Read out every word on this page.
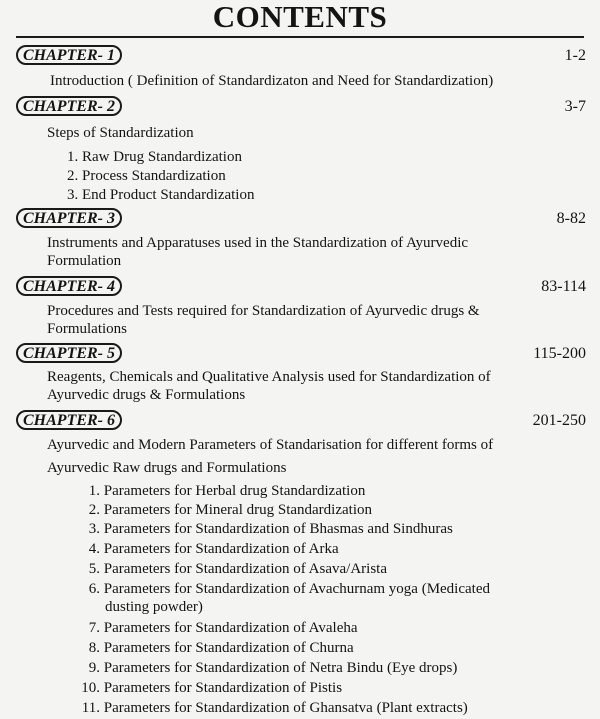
CONTENTS
CHAPTER- 1	1-2
Introduction ( Definition of Standardizaton and Need for Standardization)
CHAPTER- 2	3-7
Steps of Standardization
1. Raw Drug Standardization
2. Process Standardization
3. End Product Standardization
CHAPTER- 3	8-82
Instruments and Apparatuses used in the Standardization of Ayurvedic
Formulation
CHAPTER- 4	83-114
Procedures and Tests required for Standardization of Ayurvedic drugs &
Formulations
CHAPTER- 5	115-200
Reagents, Chemicals and Qualitative Analysis used for Standardization of
Ayurvedic drugs & Formulations
CHAPTER- 6	201-250
Ayurvedic and Modern Parameters of Standarisation for different forms of
Ayurvedic Raw drugs and Formulations
1. Parameters for Herbal drug Standardization
2. Parameters for Mineral drug Standardization
3. Parameters for Standardization of Bhasmas and Sindhuras
4. Parameters for Standardization of Arka
5. Parameters for Standardization of Asava/Arista
6. Parameters for Standardization of Avachurnam yoga (Medicated
dusting powder)
7. Parameters for Standardization of Avaleha
8. Parameters for Standardization of Churna
9. Parameters for Standardization of Netra Bindu (Eye drops)
10. Parameters for Standardization of Pistis
11. Parameters for Standardization of Ghansatva (Plant extracts)
